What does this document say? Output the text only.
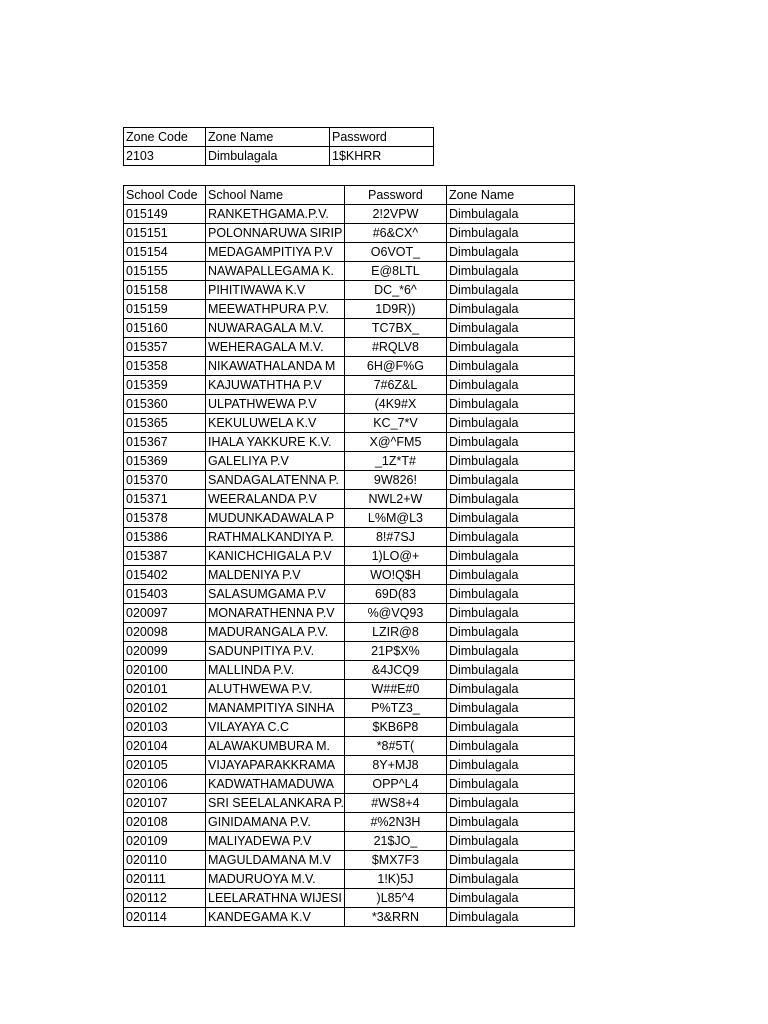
Zone Code	Zone Name	Password
2103	Dimbulagala	1$KHRR
School Code	School Name	Password	Zone Name
015149	RANKETHGAMA.P.V.	2!2VPW	Dimbulagala
015151	POLONNARUWA SIRIP	#6&CX^	Dimbulagala
015154	MEDAGAMPITIYA P.V	O6VOT_	Dimbulagala
015155	NAWAPALLEGAMA K.	E@8LTL	Dimbulagala
015158	PIHITIWAWA K.V	DC_*6^	Dimbulagala
015159	MEEWATHPURA P.V.	1D9R))	Dimbulagala
015160	NUWARAGALA M.V.	TC7BX_	Dimbulagala
015357	WEHERAGALA M.V.	#RQLV8	Dimbulagala
015358	NIKAWATHALANDA M	6H@F%G	Dimbulagala
015359	KAJUWATHTHA P.V	7#6Z&L	Dimbulagala
015360	ULPATHWEWA P.V	(4K9#X	Dimbulagala
015365	KEKULUWELA K.V	KC_7*V	Dimbulagala
015367	IHALA YAKKURE K.V.	X@^FM5	Dimbulagala
015369	GALELIYA P.V	_1Z*T#	Dimbulagala
015370	SANDAGALATENNA P.	9W826!	Dimbulagala
015371	WEERALANDA P.V	NWL2+W	Dimbulagala
015378	MUDUNKADAWALA P	L%M@L3	Dimbulagala
015386	RATHMALKANDIYA P.	8!#7SJ	Dimbulagala
015387	KANICHCHIGALA P.V	1)LO@+	Dimbulagala
015402	MALDENIYA P.V	WO!Q$H	Dimbulagala
015403	SALASUMGAMA P.V	69D(83	Dimbulagala
020097	MONARATHENNA P.V	%@VQ93	Dimbulagala
020098	MADURANGALA P.V.	LZIR@8	Dimbulagala
020099	SADUNPITIYA P.V.	21P$X%	Dimbulagala
020100	MALLINDA P.V.	&4JCQ9	Dimbulagala
020101	ALUTHWEWA P.V.	W##E#0	Dimbulagala
020102	MANAMPITIYA SINHA	P%TZ3_	Dimbulagala
020103	VILAYAYA C.C	$KB6P8	Dimbulagala
020104	ALAWAKUMBURA M.	*8#5T(	Dimbulagala
020105	VIJAYAPARAKKRAMA	8Y+MJ8	Dimbulagala
020106	KADWATHAMADUWA	OPP^L4	Dimbulagala
020107	SRI SEELALANKARA P.	#WS8+4	Dimbulagala
020108	GINIDAMANA P.V.	#%2N3H	Dimbulagala
020109	MALIYADEWA P.V	21$JO_	Dimbulagala
020110	MAGULDAMANA M.V	$MX7F3	Dimbulagala
020111	MADURUOYA M.V.	1!K)5J	Dimbulagala
020112	LEELARATHNA WIJESI	)L85^4	Dimbulagala
020114	KANDEGAMA K.V	*3&RRN	Dimbulagala
